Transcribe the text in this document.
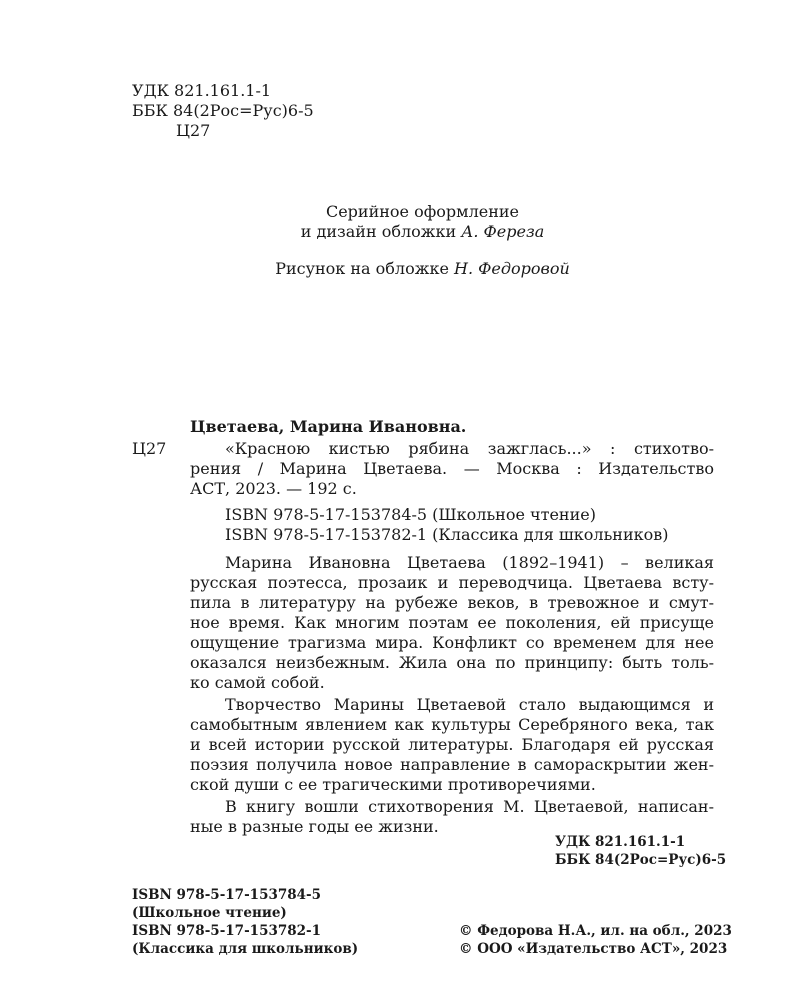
УДК 821.161.1-1
ББК 84(2Рос=Рус)6-5
Ц27
Серийное оформление
и дизайн обложки А. Фереза
Рисунок на обложке Н. Федоровой
Цветаева, Марина Ивановна.
Ц27	«Красною кистью рябина зажглась...» : стихотво-
рения / Марина Цветаева. — Москва : Издательство
АСТ, 2023. — 192 с.
ISBN 978-5-17-153784-5 (Школьное чтение)
ISBN 978-5-17-153782-1 (Классика для школьников)
Марина Ивановна Цветаева (1892–1941) – великая
русская поэтесса, прозаик и переводчица. Цветаева всту-
пила в литературу на рубеже веков, в тревожное и смут-
ное время. Как многим поэтам ее поколения, ей присуще
ощущение трагизма мира. Конфликт со временем для нее
оказался неизбежным. Жила она по принципу: быть толь-
ко самой собой.
Творчество Марины Цветаевой стало выдающимся и
самобытным явлением как культуры Серебряного века, так
и всей истории русской литературы. Благодаря ей русская
поэзия получила новое направление в самораскрытии жен-
ской души с ее трагическими противоречиями.
В книгу вошли стихотворения М. Цветаевой, написан-
ные в разные годы ее жизни.
УДК 821.161.1-1
ББК 84(2Рос=Рус)6-5
ISBN 978-5-17-153784-5
(Школьное чтение)
ISBN 978-5-17-153782-1
(Классика для школьников)
© Федорова Н.А., ил. на обл., 2023
© ООО «Издательство АСТ», 2023
